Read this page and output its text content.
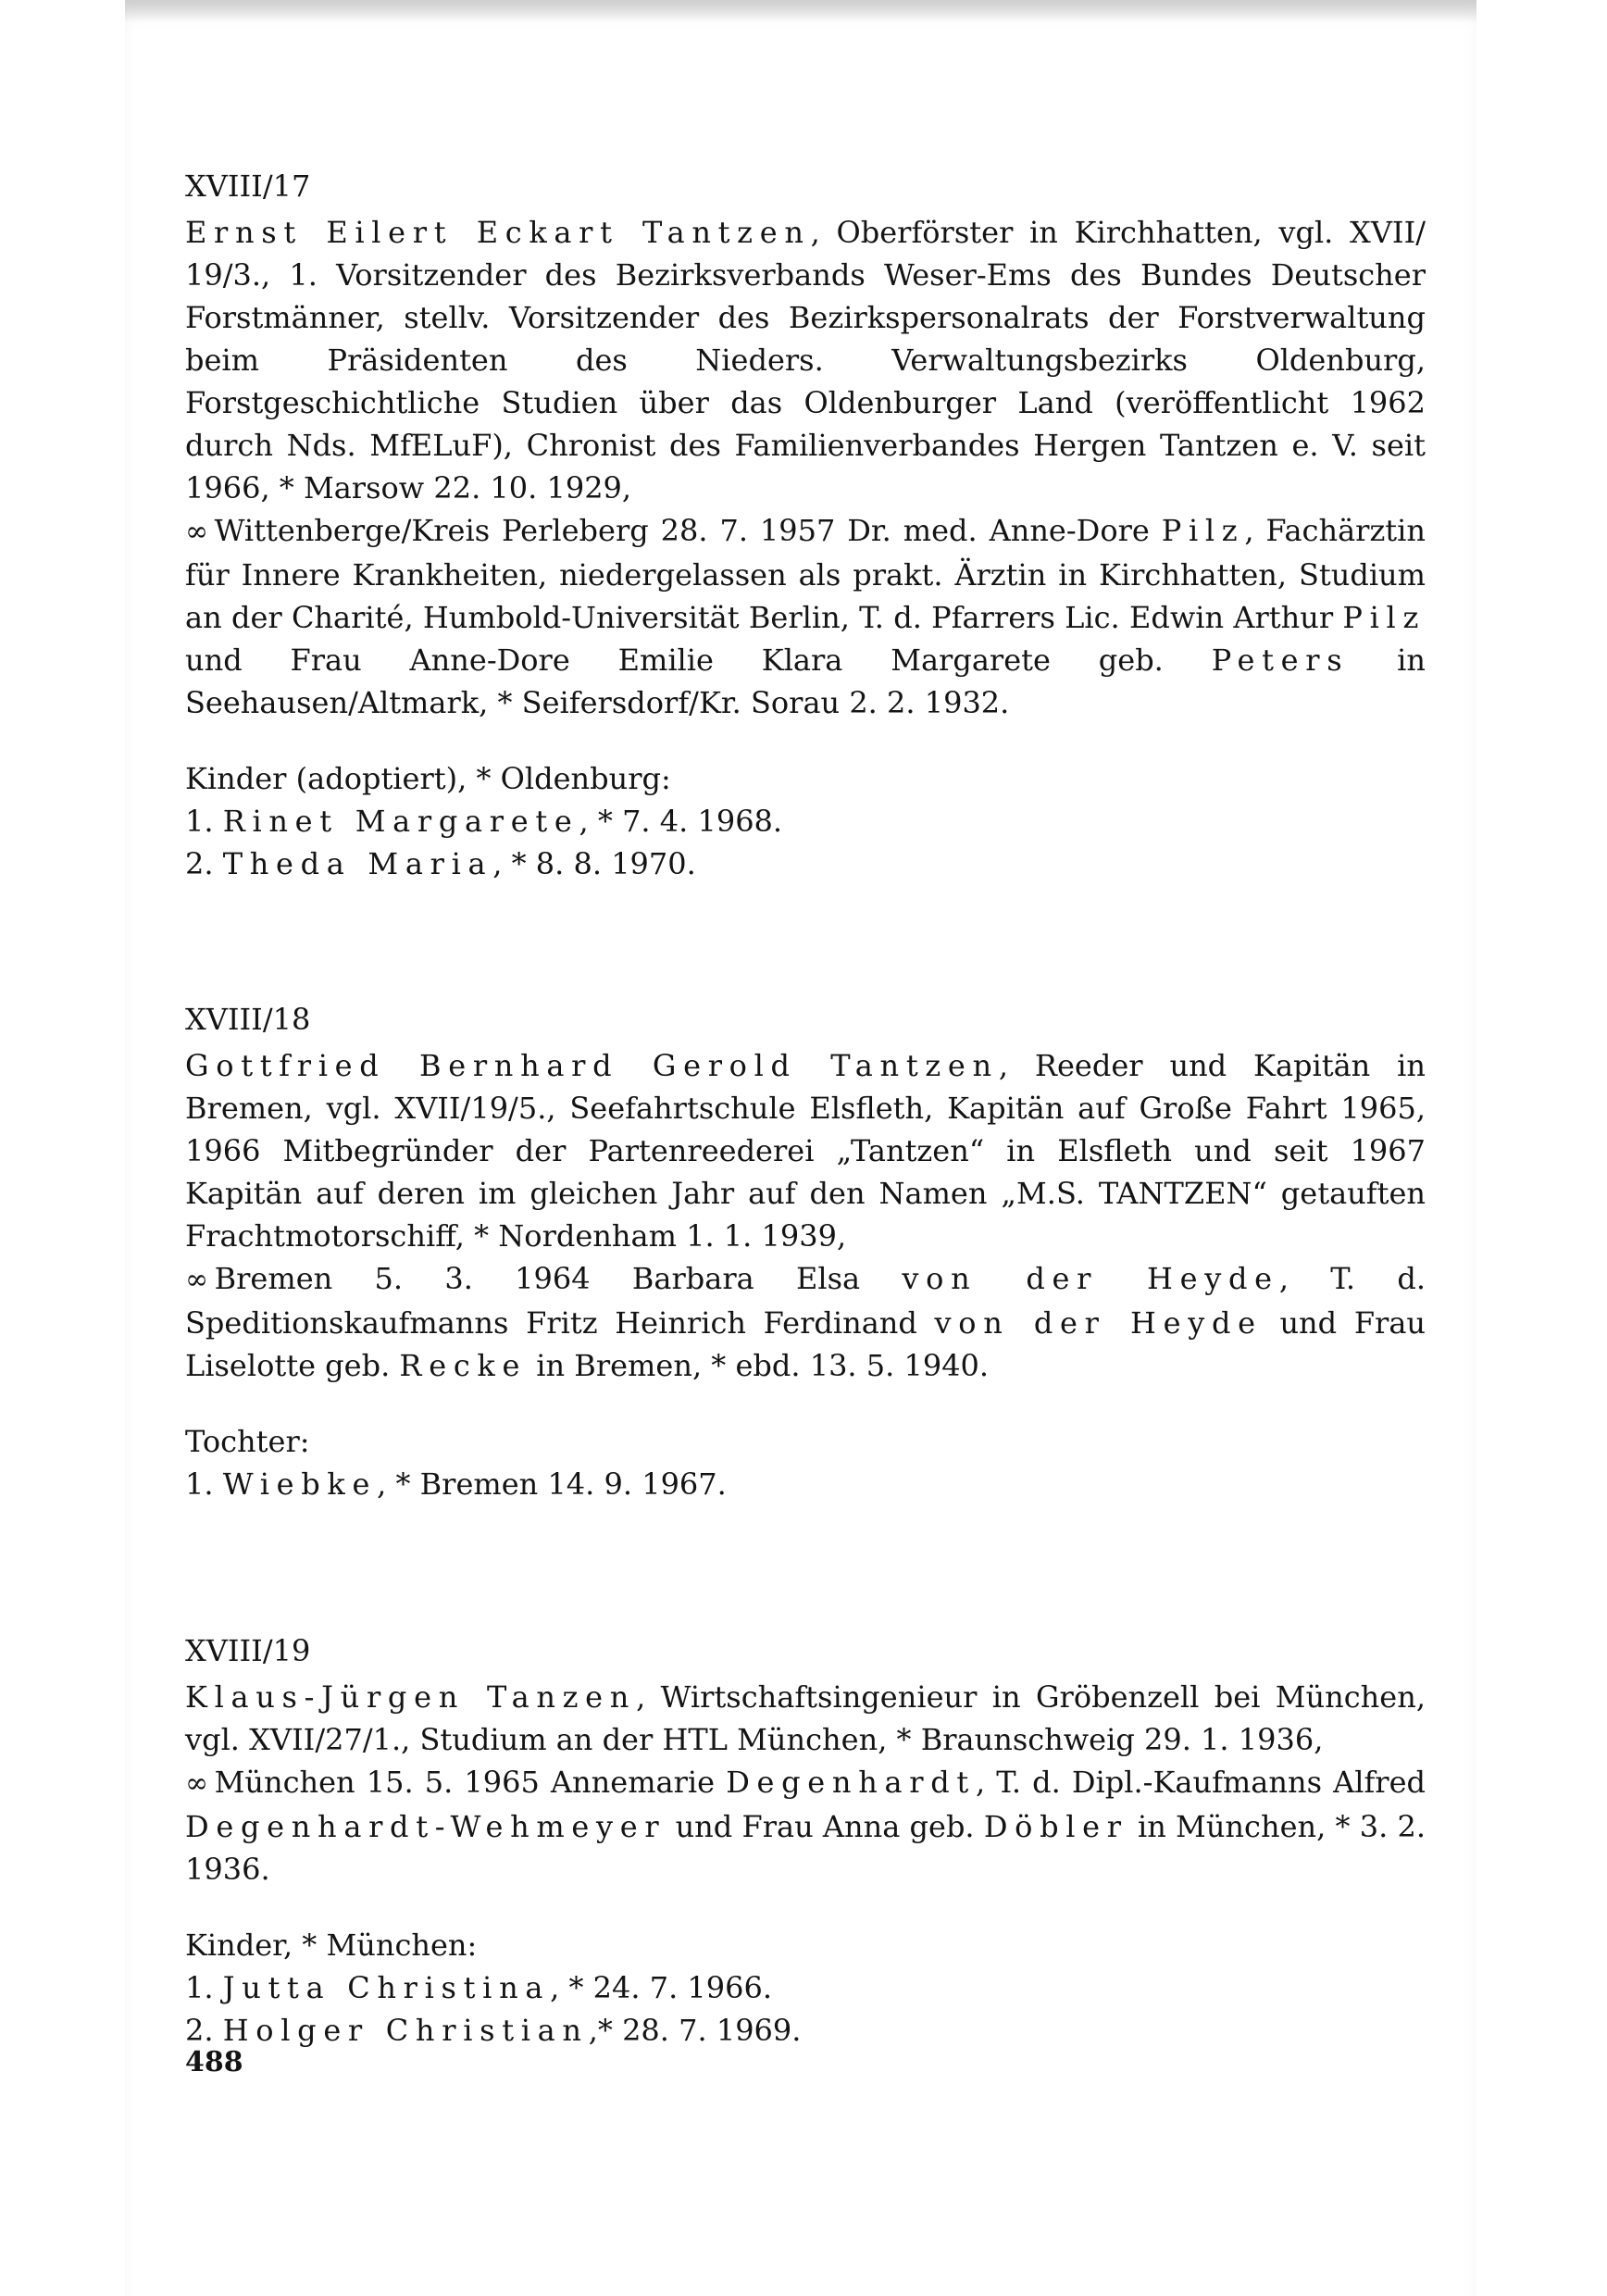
XVIII/17

Ernst Eilert Eckart Tantzen, Oberförster in Kirchhatten, vgl. XVII/ 19/3., 1. Vorsitzender des Bezirksverbands Weser-Ems des Bundes Deutscher Forstmänner, stellv. Vorsitzender des Bezirkspersonalrats der Forstverwaltung beim Präsidenten des Nieders. Verwaltungsbezirks Oldenburg, Forstgeschichtliche Studien über das Oldenburger Land (veröffentlicht 1962 durch Nds. MfELuF), Chronist des Familienverbandes Hergen Tantzen e. V. seit 1966, * Marsow 22. 10. 1929,

∞ Wittenberge/Kreis Perleberg 28. 7. 1957 Dr. med. Anne-Dore Pilz, Fachärztin für Innere Krankheiten, niedergelassen als prakt. Ärztin in Kirchhatten, Studium an der Charité, Humbold-Universität Berlin, T. d. Pfarrers Lic. Edwin Arthur Pilz und Frau Anne-Dore Emilie Klara Margarete geb. Peters in Seehausen/Altmark, * Seifersdorf/Kr. Sorau 2. 2. 1932.

Kinder (adoptiert), * Oldenburg:
1. Rinet Margarete, * 7. 4. 1968.
2. Theda Maria, * 8. 8. 1970.
XVIII/18

Gottfried Bernhard Gerold Tantzen, Reeder und Kapitän in Bremen, vgl. XVII/19/5., Seefahrtschule Elsfleth, Kapitän auf Große Fahrt 1965, 1966 Mitbegründer der Partenreederei „Tantzen“ in Elsfleth und seit 1967 Kapitän auf deren im gleichen Jahr auf den Namen „M.S. TANTZEN“ getauften Frachtmotorschiff, * Nordenham 1. 1. 1939,

∞ Bremen 5. 3. 1964 Barbara Elsa von der Heyde, T. d. Speditionskaufmanns Fritz Heinrich Ferdinand von der Heyde und Frau Liselotte geb. Recke in Bremen, * ebd. 13. 5. 1940.

Tochter:
1. Wiebke, * Bremen 14. 9. 1967.
XVIII/19

Klaus-Jürgen Tanzen, Wirtschaftsingenieur in Gröbenzell bei München, vgl. XVII/27/1., Studium an der HTL München, * Braunschweig 29. 1. 1936,

∞ München 15. 5. 1965 Annemarie Degenhardt, T. d. Dipl.-Kaufmanns Alfred Degenhardt-Wehmeyer und Frau Anna geb. Döbler in München, * 3. 2. 1936.

Kinder, * München:
1. Jutta Christina, * 24. 7. 1966.
2. Holger Christian,* 28. 7. 1969.
488
